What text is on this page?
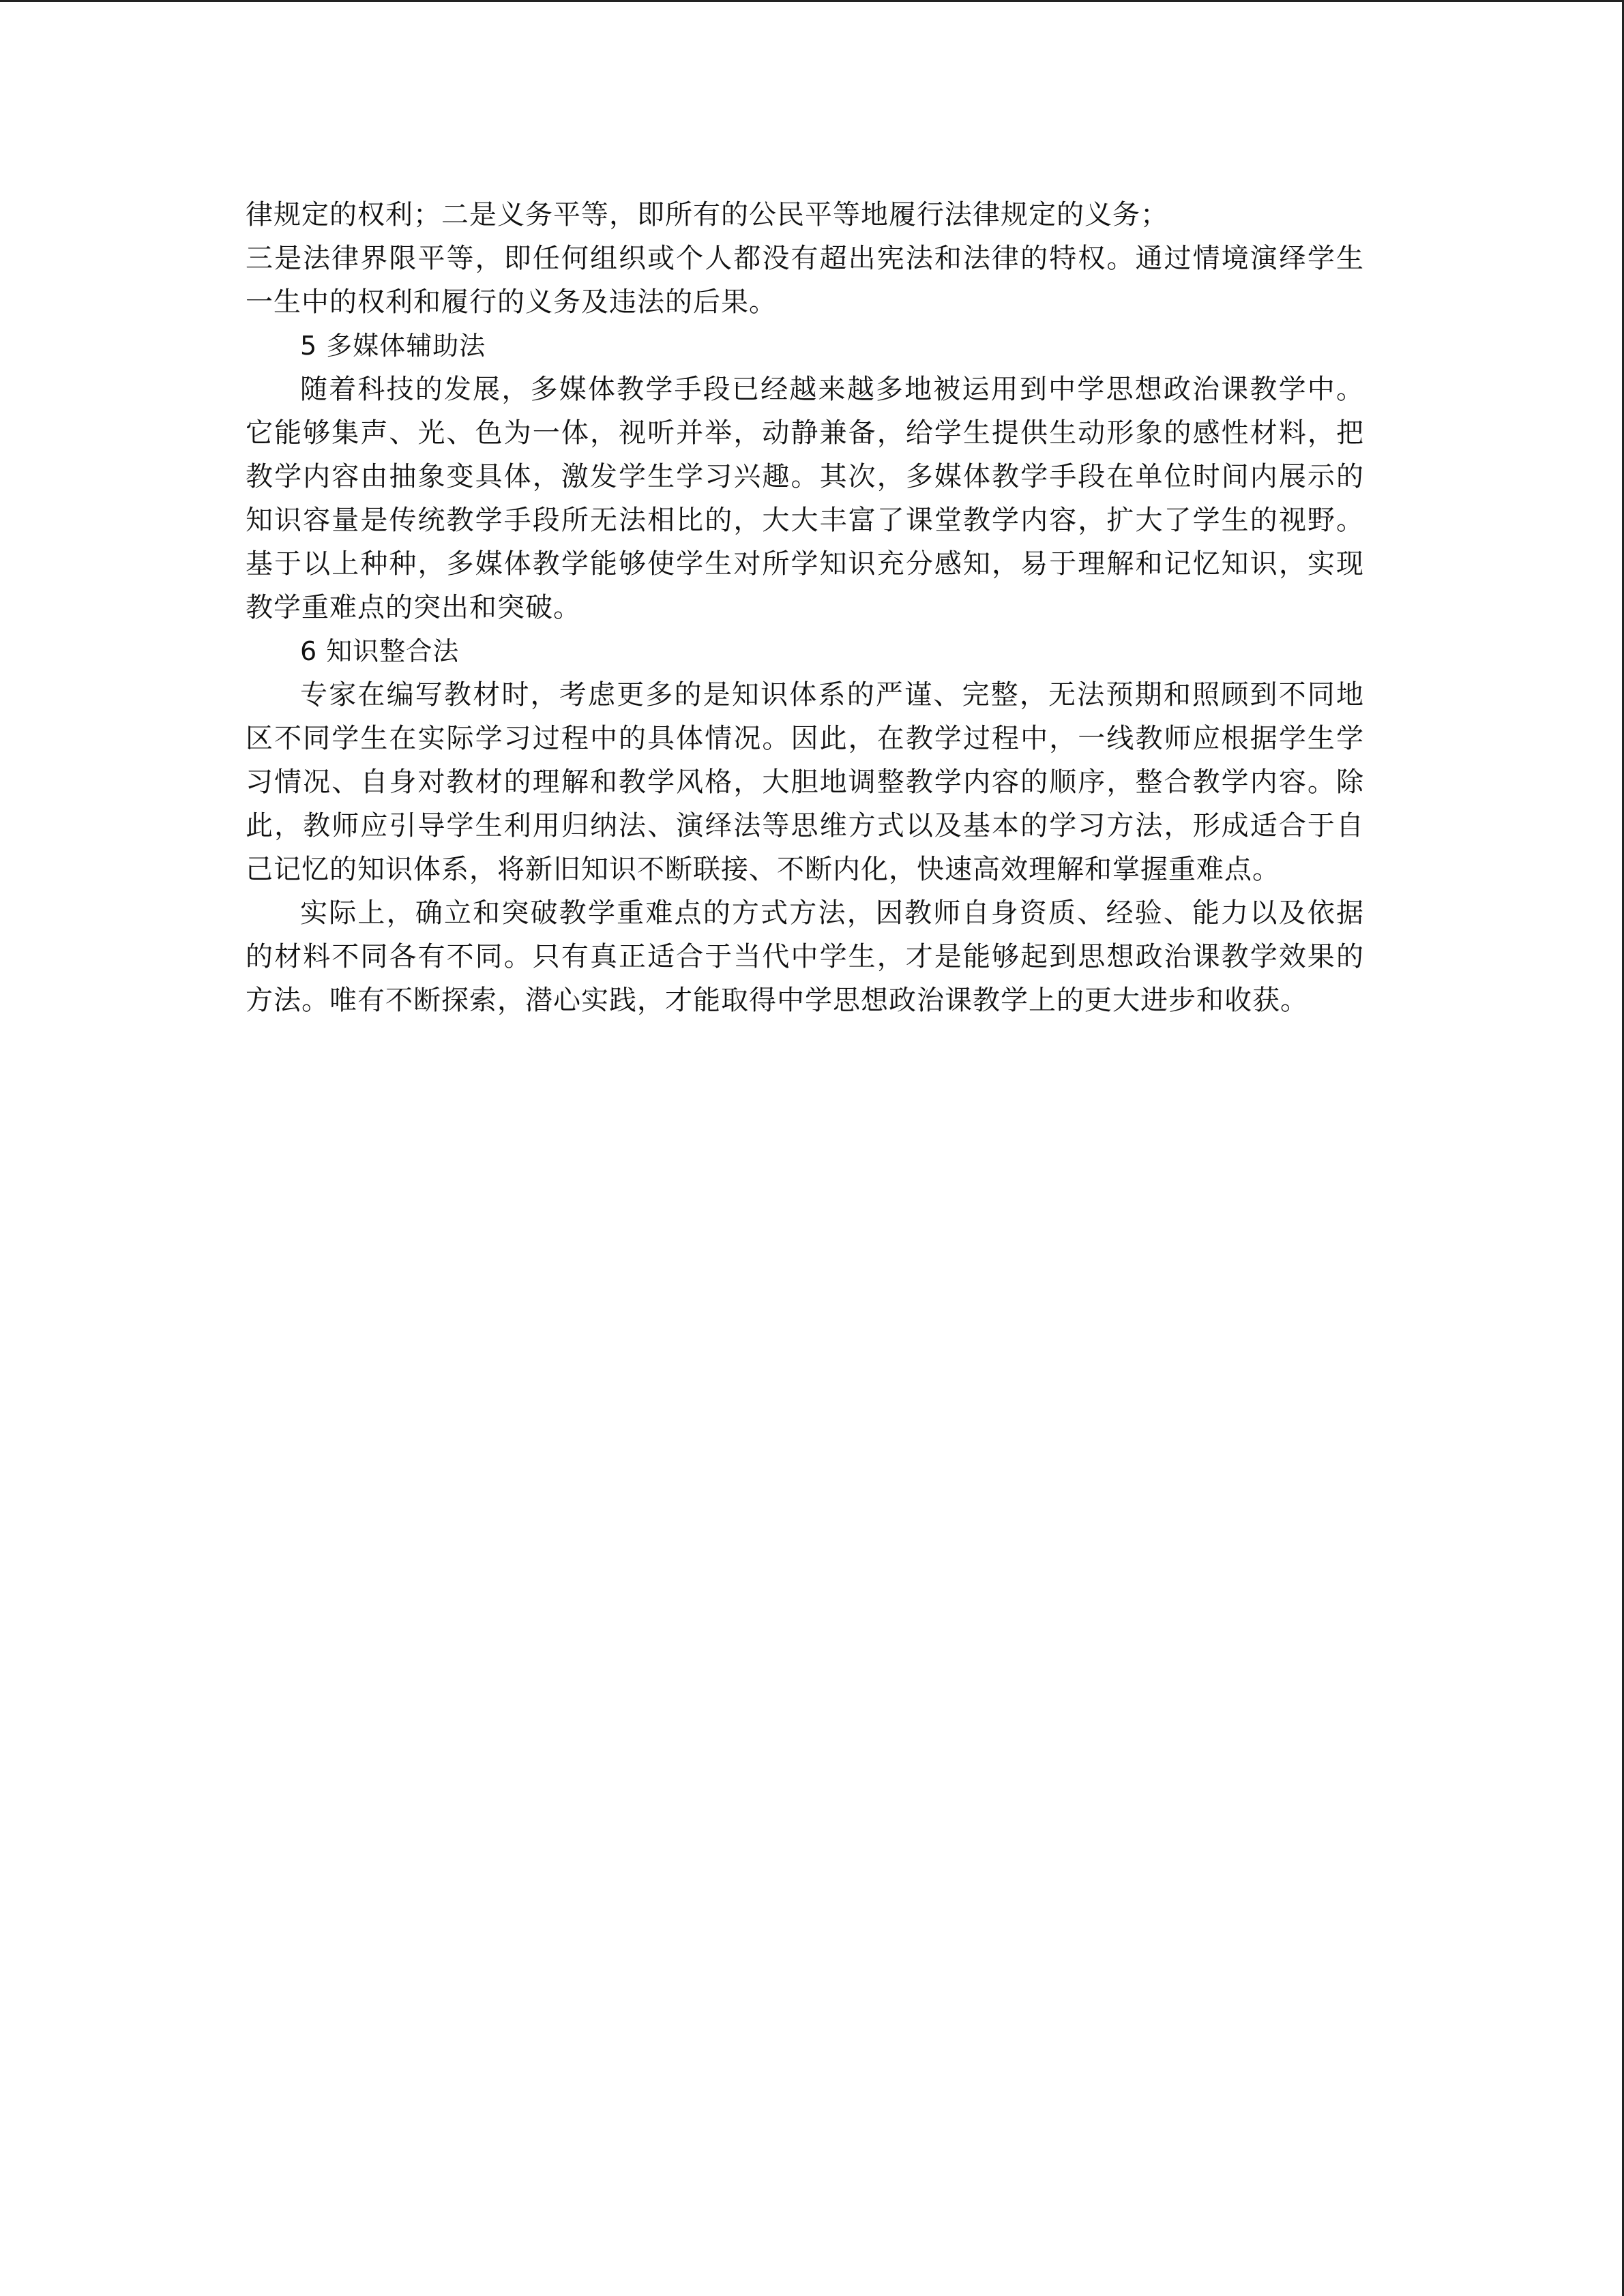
律规定的权利；二是义务平等，即所有的公民平等地履行法律规定的义务；
三是法律界限平等，即任何组织或个人都没有超出宪法和法律的特权。通过情境演绎学生
一生中的权利和履行的义务及违法的后果。
5 多媒体辅助法
随着科技的发展，多媒体教学手段已经越来越多地被运用到中学思想政治课教学中。
它能够集声、光、色为一体，视听并举，动静兼备，给学生提供生动形象的感性材料，把
教学内容由抽象变具体，激发学生学习兴趣。其次，多媒体教学手段在单位时间内展示的
知识容量是传统教学手段所无法相比的，大大丰富了课堂教学内容，扩大了学生的视野。
基于以上种种，多媒体教学能够使学生对所学知识充分感知，易于理解和记忆知识，实现
教学重难点的突出和突破。
6 知识整合法
专家在编写教材时，考虑更多的是知识体系的严谨、完整，无法预期和照顾到不同地
区不同学生在实际学习过程中的具体情况。因此，在教学过程中，一线教师应根据学生学
习情况、自身对教材的理解和教学风格，大胆地调整教学内容的顺序，整合教学内容。除
此，教师应引导学生利用归纳法、演绎法等思维方式以及基本的学习方法，形成适合于自
己记忆的知识体系，将新旧知识不断联接、不断内化，快速高效理解和掌握重难点。
实际上，确立和突破教学重难点的方式方法，因教师自身资质、经验、能力以及依据
的材料不同各有不同。只有真正适合于当代中学生，才是能够起到思想政治课教学效果的
方法。唯有不断探索，潜心实践，才能取得中学思想政治课教学上的更大进步和收获。
